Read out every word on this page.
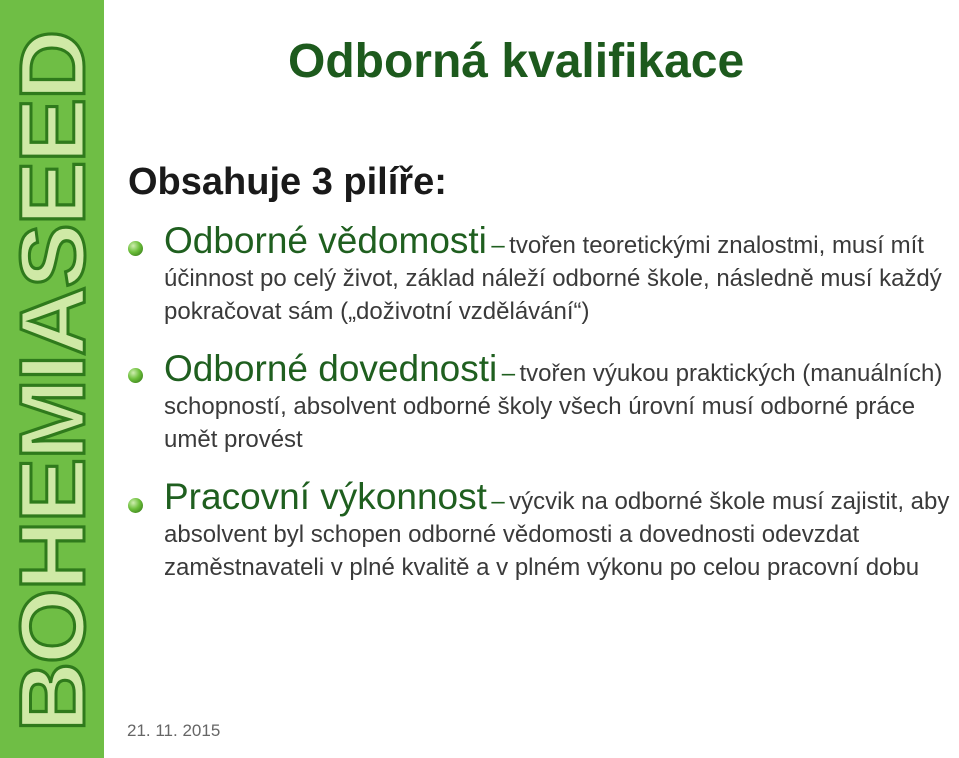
BOHEMIASEED
Odborná kvalifikace
Obsahuje 3 pilíře:
Odborné vědomosti – tvořen teoretickými znalostmi, musí mít účinnost po celý život, základ náleží odborné škole, následně musí každý pokračovat sám („doživotní vzdělávání“)
Odborné dovednosti – tvořen výukou praktických (manuálních) schopností, absolvent odborné školy všech úrovní musí odborné práce umět provést
Pracovní výkonnost – výcvik na odborné škole musí zajistit, aby absolvent byl schopen odborné vědomosti a dovednosti odevzdat zaměstnavateli v plné kvalitě a v plném výkonu po celou pracovní dobu
21. 11. 2015
